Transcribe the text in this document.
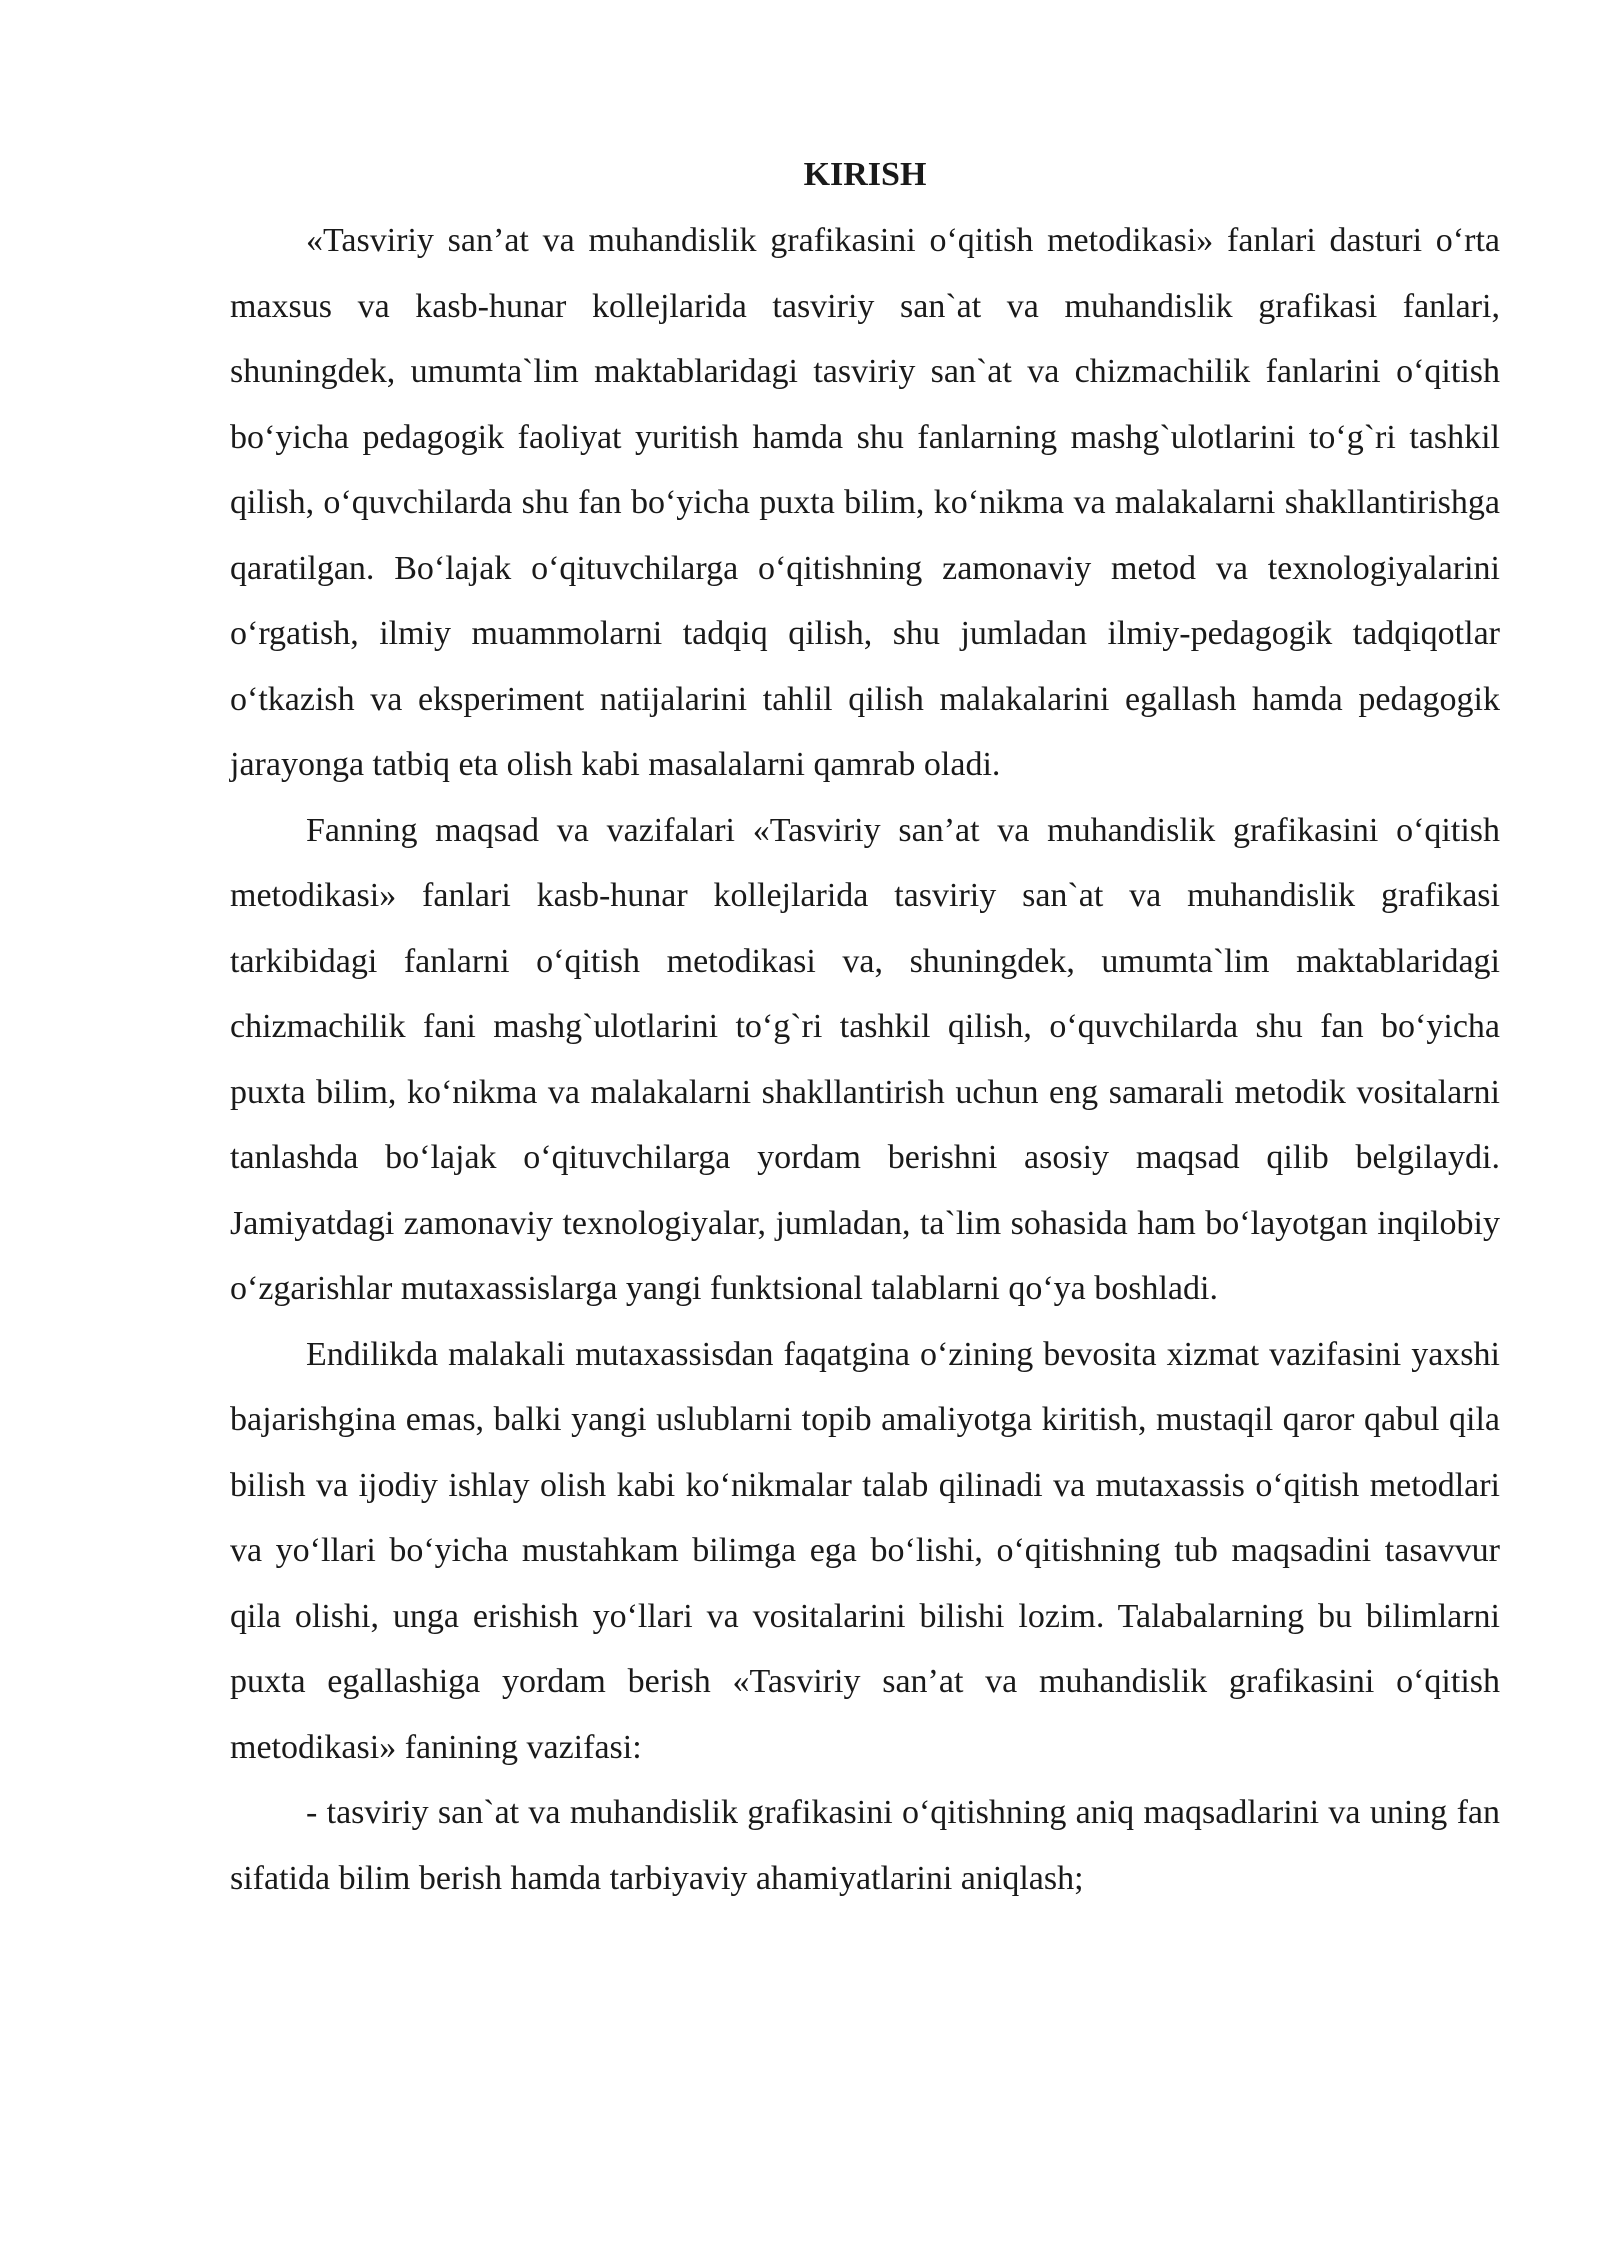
KIRISH

«Tasviriy san’at va muhandislik grafikasini oʻqitish metodikasi» fanlari dasturi oʻrta maxsus va kasb-hunar kollejlarida tasviriy san`at va muhandislik grafikasi fanlari, shuningdek, umumta`lim maktablaridagi tasviriy san`at va chizmachilik fanlarini oʻqitish boʻyicha pedagogik faoliyat yuritish hamda shu fanlarning mashg`ulotlarini toʻg`ri tashkil qilish, oʻquvchilarda shu fan boʻyicha puxta bilim, koʻnikma va malakalarni shakllantirishga qaratilgan. Boʻlajak oʻqituvchilarga oʻqitishning zamonaviy metod va texnologiyalarini oʻrgatish, ilmiy muammolarni tadqiq qilish, shu jumladan ilmiy-pedagogik tadqiqotlar oʻtkazish va eksperiment natijalarini tahlil qilish malakalarini egallash hamda pedagogik jarayonga tatbiq eta olish kabi masalalarni qamrab oladi.

Fanning maqsad va vazifalari «Tasviriy san’at va muhandislik grafikasini oʻqitish metodikasi» fanlari kasb-hunar kollejlarida tasviriy san`at va muhandislik grafikasi tarkibidagi fanlarni oʻqitish metodikasi va, shuningdek, umumta`lim maktablaridagi chizmachilik fani mashg`ulotlarini toʻg`ri tashkil qilish, oʻquvchilarda shu fan boʻyicha puxta bilim, koʻnikma va malakalarni shakllantirish uchun eng samarali metodik vositalarni tanlashda boʻlajak oʻqituvchilarga yordam berishni asosiy maqsad qilib belgilaydi. Jamiyatdagi zamonaviy texnologiyalar, jumladan, ta`lim sohasida ham boʻlayotgan inqilobiy oʻzgarishlar mutaxassislarga yangi funktsional talablarni qoʻya boshladi.

Endilikda malakali mutaxassisdan faqatgina oʻzining bevosita xizmat vazifasini yaxshi bajarishgina emas, balki yangi uslublarni topib amaliyotga kiritish, mustaqil qaror qabul qila bilish va ijodiy ishlay olish kabi koʻnikmalar talab qilinadi va mutaxassis oʻqitish metodlari va yoʻllari boʻyicha mustahkam bilimga ega boʻlishi, oʻqitishning tub maqsadini tasavvur qila olishi, unga erishish yoʻllari va vositalarini bilishi lozim. Talabalarning bu bilimlarni puxta egallashiga yordam berish «Tasviriy san’at va muhandislik grafikasini oʻqitish metodikasi» fanining vazifasi:

- tasviriy san`at va muhandislik grafikasini oʻqitishning aniq maqsadlarini va uning fan sifatida bilim berish hamda tarbiyaviy ahamiyatlarini aniqlash;
